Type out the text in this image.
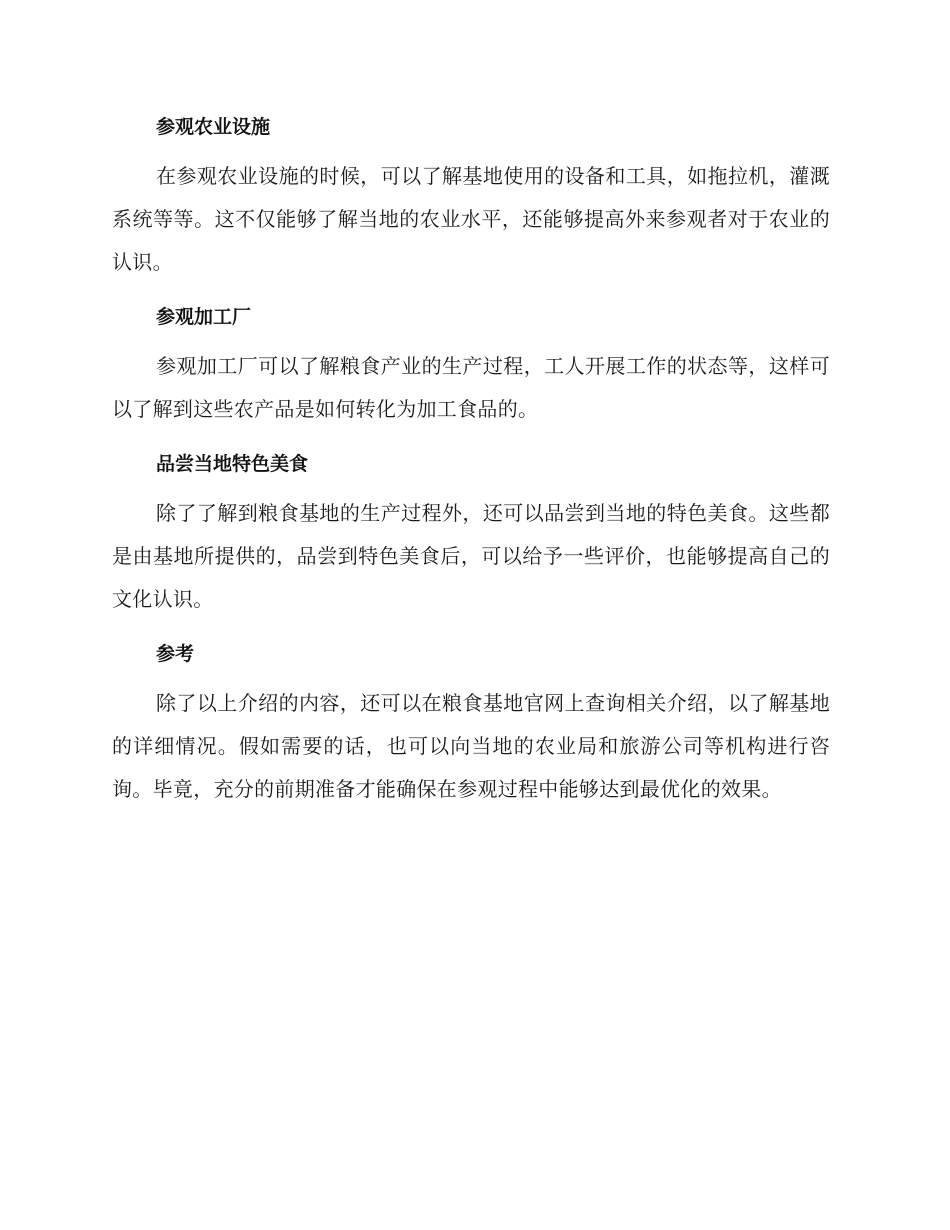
参观农业设施

在参观农业设施的时候，可以了解基地使用的设备和工具，如拖拉机，灌溉系统等等。这不仅能够了解当地的农业水平，还能够提高外来参观者对于农业的认识。

参观加工厂

参观加工厂可以了解粮食产业的生产过程，工人开展工作的状态等，这样可以了解到这些农产品是如何转化为加工食品的。

品尝当地特色美食

除了了解到粮食基地的生产过程外，还可以品尝到当地的特色美食。这些都是由基地所提供的，品尝到特色美食后，可以给予一些评价，也能够提高自己的文化认识。

参考

除了以上介绍的内容，还可以在粮食基地官网上查询相关介绍，以了解基地的详细情况。假如需要的话，也可以向当地的农业局和旅游公司等机构进行咨询。毕竟，充分的前期准备才能确保在参观过程中能够达到最优化的效果。
